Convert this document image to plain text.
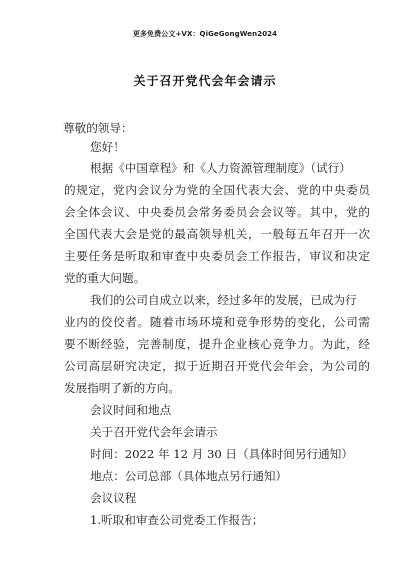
更多免费公文+VX：QiGeGongWen2024
关于召开党代会年会请示
尊敬的领导：
您好！
根据《中国章程》和《人力资源管理制度》（试行）
的规定，党内会议分为党的全国代表大会、党的中央委员
会全体会议、中央委员会常务委员会会议等。其中，党的
全国代表大会是党的最高领导机关，一般每五年召开一次
主要任务是听取和审查中央委员会工作报告，审议和决定
党的重大问题。
我们的公司自成立以来，经过多年的发展，已成为行
业内的佼佼者。随着市场环境和竞争形势的变化，公司需
要不断经验，完善制度，提升企业核心竞争力。为此，经
公司高层研究决定，拟于近期召开党代会年会，为公司的
发展指明了新的方向。
会议时间和地点
关于召开党代会年会请示
时间：2022 年 12 月 30 日（具体时间另行通知）
地点：公司总部（具体地点另行通知）
会议议程
1.听取和审查公司党委工作报告；
